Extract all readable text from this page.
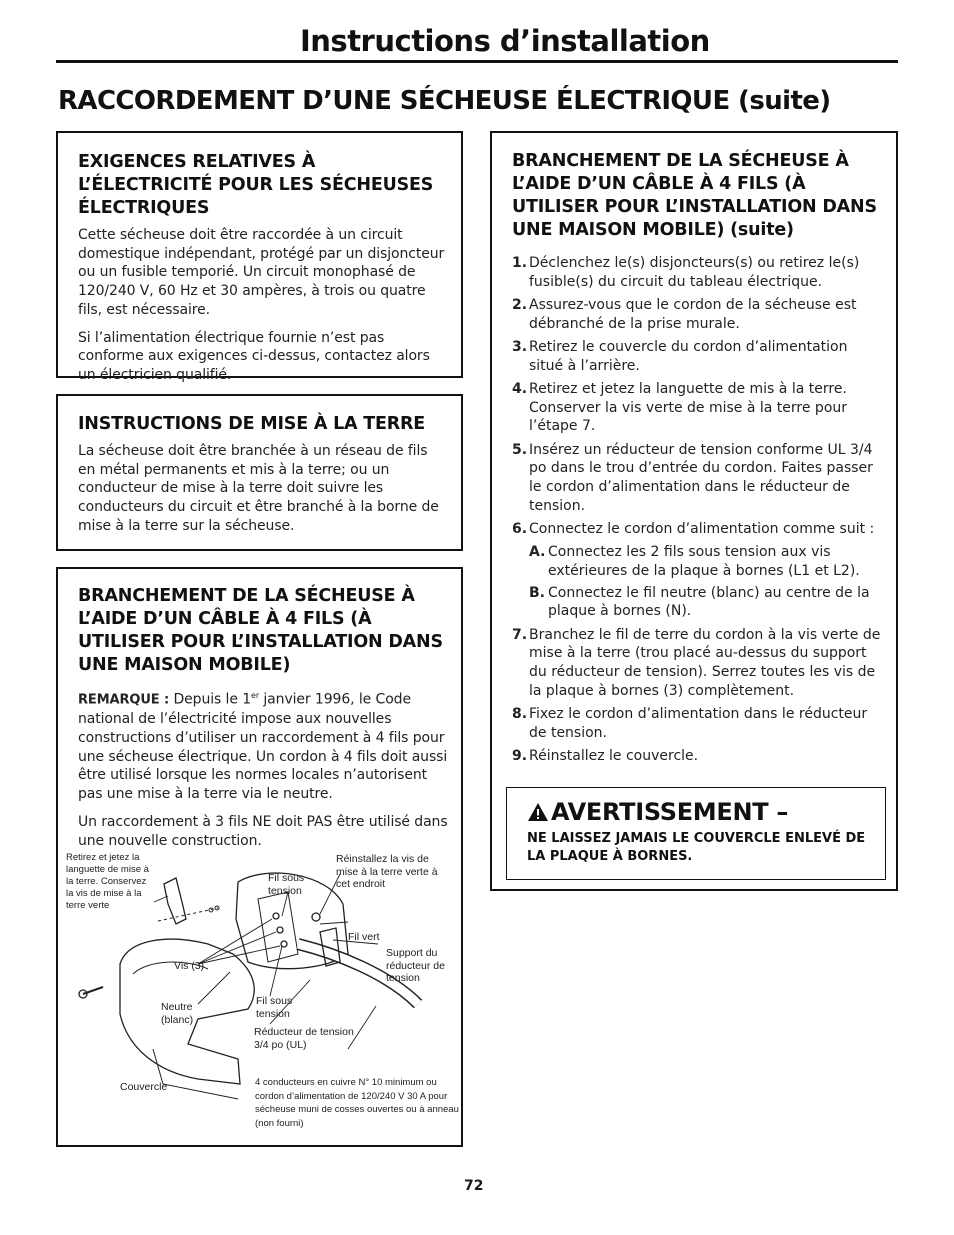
Instructions d’installation
RACCORDEMENT D’UNE SÉCHEUSE ÉLECTRIQUE (suite)
EXIGENCES RELATIVES À L’ÉLECTRICITÉ POUR LES SÉCHEUSES ÉLECTRIQUES

Cette sécheuse doit être raccordée à un circuit domestique indépendant, protégé par un disjoncteur ou un fusible temporié. Un circuit monophasé de 120/240 V, 60 Hz et 30 ampères, à trois ou quatre fils, est nécessaire.

Si l’alimentation électrique fournie n’est pas conforme aux exigences ci-dessus, contactez alors un électricien qualifié.

INSTRUCTIONS DE MISE À LA TERRE

La sécheuse doit être branchée à un réseau de fils en métal permanents et mis à la terre; ou un conducteur de mise à la terre doit suivre les conducteurs du circuit et être branché à la borne de mise à la terre sur la sécheuse.

BRANCHEMENT DE LA SÉCHEUSE À L’AIDE D’UN CÂBLE À 4 FILS (À UTILISER POUR L’INSTALLATION DANS UNE MAISON MOBILE)

REMARQUE : Depuis le 1er janvier 1996, le Code national de l’électricité impose aux nouvelles constructions d’utiliser un raccordement à 4 fils pour une sécheuse électrique. Un cordon à 4 fils doit aussi être utilisé lorsque les normes locales n’autorisent pas une mise à la terre via le neutre.

Un raccordement à 3 fils NE doit PAS être utilisé dans une nouvelle construction.

Retirez et jetez la languette de mise à la terre. Conservez la vis de mise à la terre verte
Fil sous tension
Réinstallez la vis de mise à la terre verte à cet endroit
Fil vert
Vis (3)
Support du réducteur de tension
Neutre (blanc)
Fil sous tension
Réducteur de tension 3/4 po (UL)
Couvercle	4 conducteurs en cuivre N° 10 minimum ou cordon d’alimentation de 120/240 V 30 A pour sécheuse muni de cosses ouvertes ou à anneau (non fourni)
BRANCHEMENT DE LA SÉCHEUSE À L’AIDE D’UN CÂBLE À 4 FILS (À UTILISER POUR L’INSTALLATION DANS UNE MAISON MOBILE) (suite)
1. Déclenchez le(s) disjoncteurs(s) ou retirez le(s) fusible(s) du circuit du tableau électrique.
2. Assurez-vous que le cordon de la sécheuse est débranché de la prise murale.
3. Retirez le couvercle du cordon d’alimentation situé à l’arrière.
4. Retirez et jetez la languette de mis à la terre. Conserver la vis verte de mise à la terre pour l’étape 7.
5. Insérez un réducteur de tension conforme UL 3/4 po dans le trou d’entrée du cordon. Faites passer le cordon d’alimentation dans le réducteur de tension.
6. Connectez le cordon d’alimentation comme suit :
A. Connectez les 2 fils sous tension aux vis extérieures de la plaque à bornes (L1 et L2).
B. Connectez le fil neutre (blanc) au centre de la plaque à bornes (N).
7. Branchez le fil de terre du cordon à la vis verte de mise à la terre (trou placé au-dessus du support du réducteur de tension). Serrez toutes les vis de la plaque à bornes (3) complètement.
8. Fixez le cordon d’alimentation dans le réducteur de tension.
9. Réinstallez le couvercle.
AVERTISSEMENT –
NE LAISSEZ JAMAIS LE COUVERCLE ENLEVÉ DE LA PLAQUE À BORNES.
72
